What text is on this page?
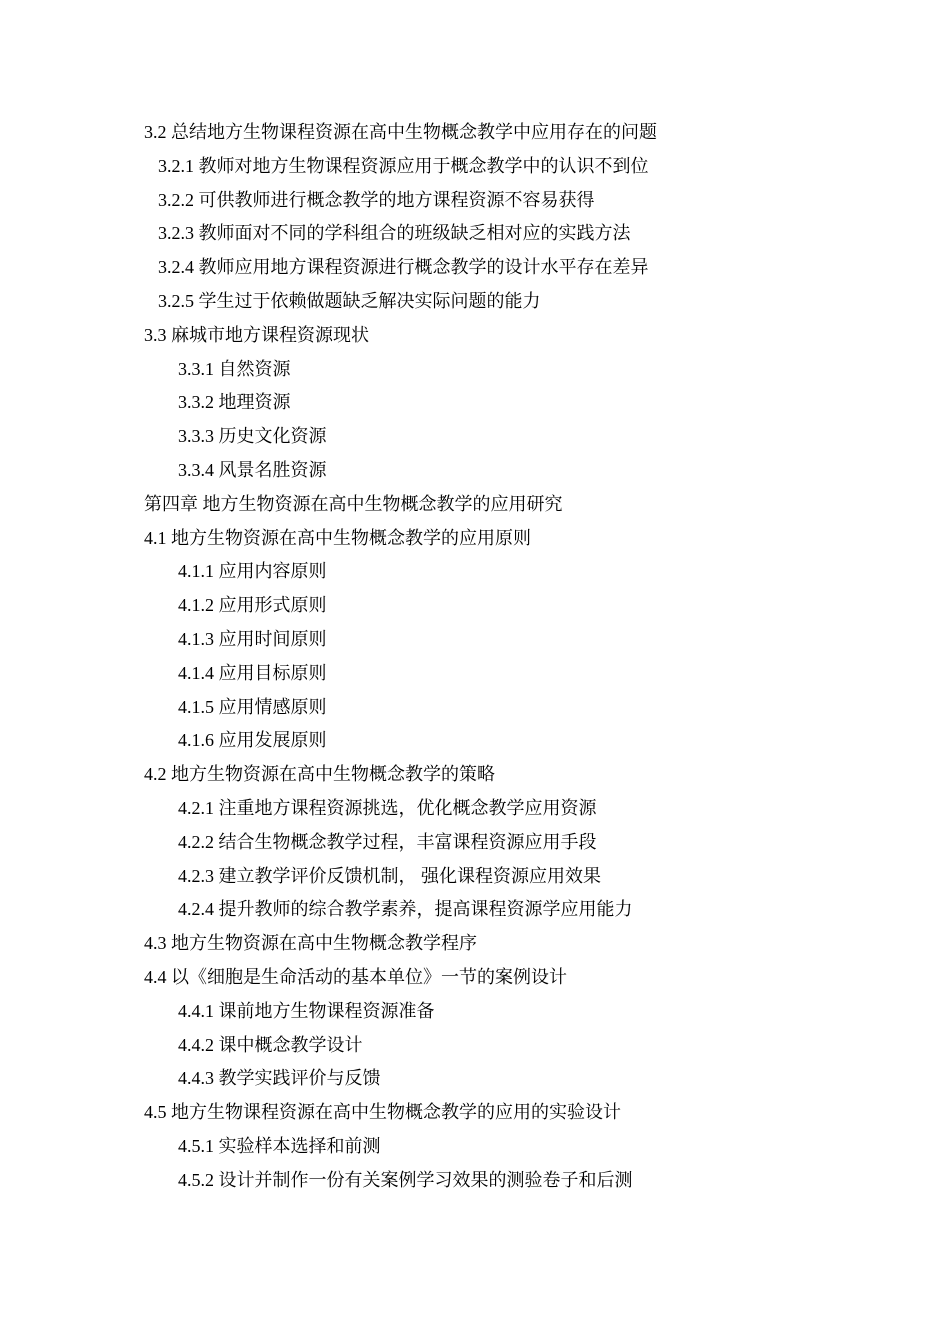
3.2 总结地方生物课程资源在高中生物概念教学中应用存在的问题
3.2.1 教师对地方生物课程资源应用于概念教学中的认识不到位
3.2.2 可供教师进行概念教学的地方课程资源不容易获得
3.2.3 教师面对不同的学科组合的班级缺乏相对应的实践方法
3.2.4 教师应用地方课程资源进行概念教学的设计水平存在差异
3.2.5 学生过于依赖做题缺乏解决实际问题的能力
3.3 麻城市地方课程资源现状
3.3.1 自然资源
3.3.2 地理资源
3.3.3 历史文化资源
3.3.4 风景名胜资源
第四章 地方生物资源在高中生物概念教学的应用研究
4.1 地方生物资源在高中生物概念教学的应用原则
4.1.1 应用内容原则
4.1.2 应用形式原则
4.1.3 应用时间原则
4.1.4 应用目标原则
4.1.5 应用情感原则
4.1.6 应用发展原则
4.2 地方生物资源在高中生物概念教学的策略
4.2.1 注重地方课程资源挑选，优化概念教学应用资源
4.2.2 结合生物概念教学过程，丰富课程资源应用手段
4.2.3 建立教学评价反馈机制， 强化课程资源应用效果
4.2.4 提升教师的综合教学素养，提高课程资源学应用能力
4.3 地方生物资源在高中生物概念教学程序
4.4 以《细胞是生命活动的基本单位》一节的案例设计
4.4.1 课前地方生物课程资源准备
4.4.2 课中概念教学设计
4.4.3 教学实践评价与反馈
4.5 地方生物课程资源在高中生物概念教学的应用的实验设计
4.5.1 实验样本选择和前测
4.5.2 设计并制作一份有关案例学习效果的测验卷子和后测
